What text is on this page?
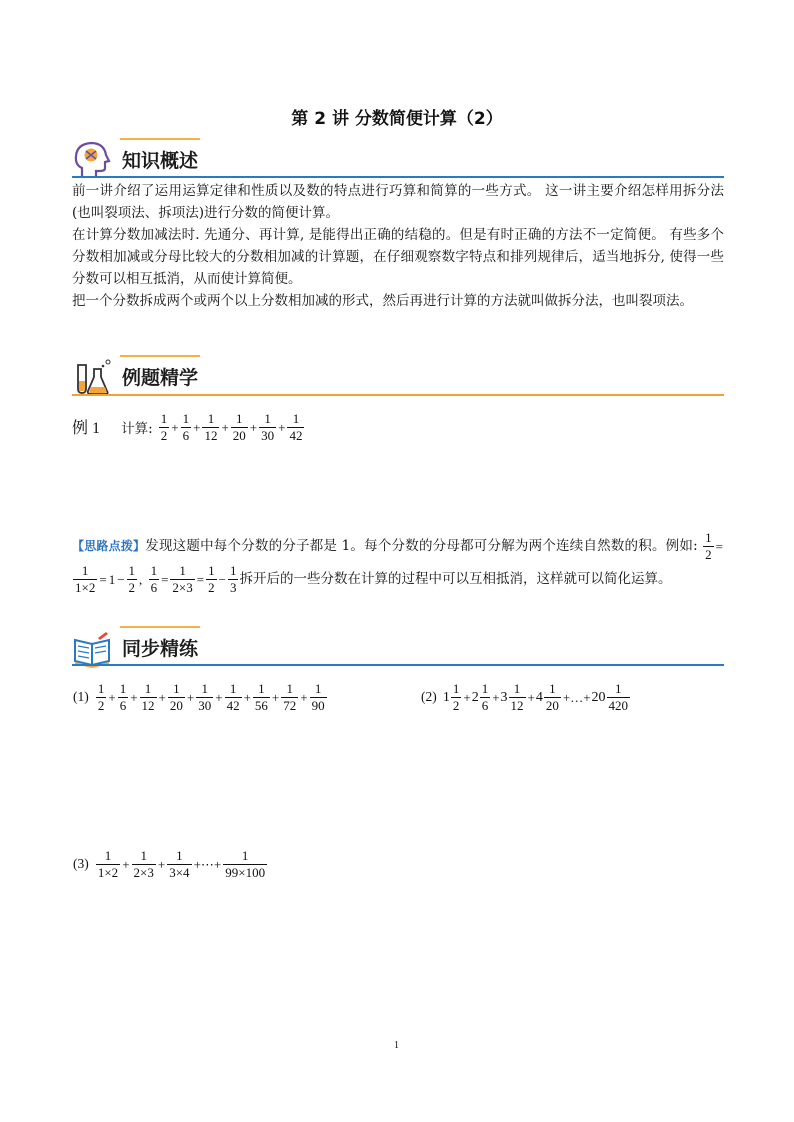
第 2 讲 分数简便计算（2）
知识概述

前一讲介绍了运用运算定律和性质以及数的特点进行巧算和简算的一些方式。 这一讲主要介绍怎样用拆分法(也叫裂项法、拆项法)进行分数的简便计算。

在计算分数加减法时. 先通分、再计算, 是能得出正确的结稳的。但是有时正确的方法不一定简便。 有些多个分数相加减或分母比较大的分数相加减的计算题，在仔细观察数字特点和排列规律后，适当地拆分, 使得一些分数可以相互抵消，从而使计算简便。

把一个分数拆成两个或两个以上分数相加减的形式，然后再进行计算的方法就叫做拆分法，也叫裂项法。

例题精学
例 1 计算: $\frac{1}{2} + \frac{1}{6} + \frac{1}{12} + \frac{1}{20} + \frac{1}{30} + \frac{1}{42}$
【思路点拨】发现这题中每个分数的分子都是 1。每个分数的分母都可分解为两个连续自然数的积。例如: $\frac{1}{2}$ =
$\frac{1}{1\times 2} = 1 - \frac{1}{2}$ , $\frac{1}{6} = \frac{1}{2\times 3} = \frac{1}{2} - \frac{1}{3}$ 拆开后的一些分数在计算的过程中可以互相抵消，这样就可以简化运算。
同步精练
$(1) \frac{1}{2} + \frac{1}{6} + \frac{1}{12} + \frac{1}{20} + \frac{1}{30} + \frac{1}{42} + \frac{1}{56} + \frac{1}{72} + \frac{1}{90}$	(2) $1 \frac{1}{2} +2 \frac{1}{6} +3 \frac{1}{12} +4 \frac{1}{20}$ +…+20 $\frac{1}{420}$
$(3) \frac{1}{1\times 2} + \frac{1}{2\times 3} + \frac{1}{3\times 4}$ +⋯+ $\frac{1}{99\times 100}$
1
